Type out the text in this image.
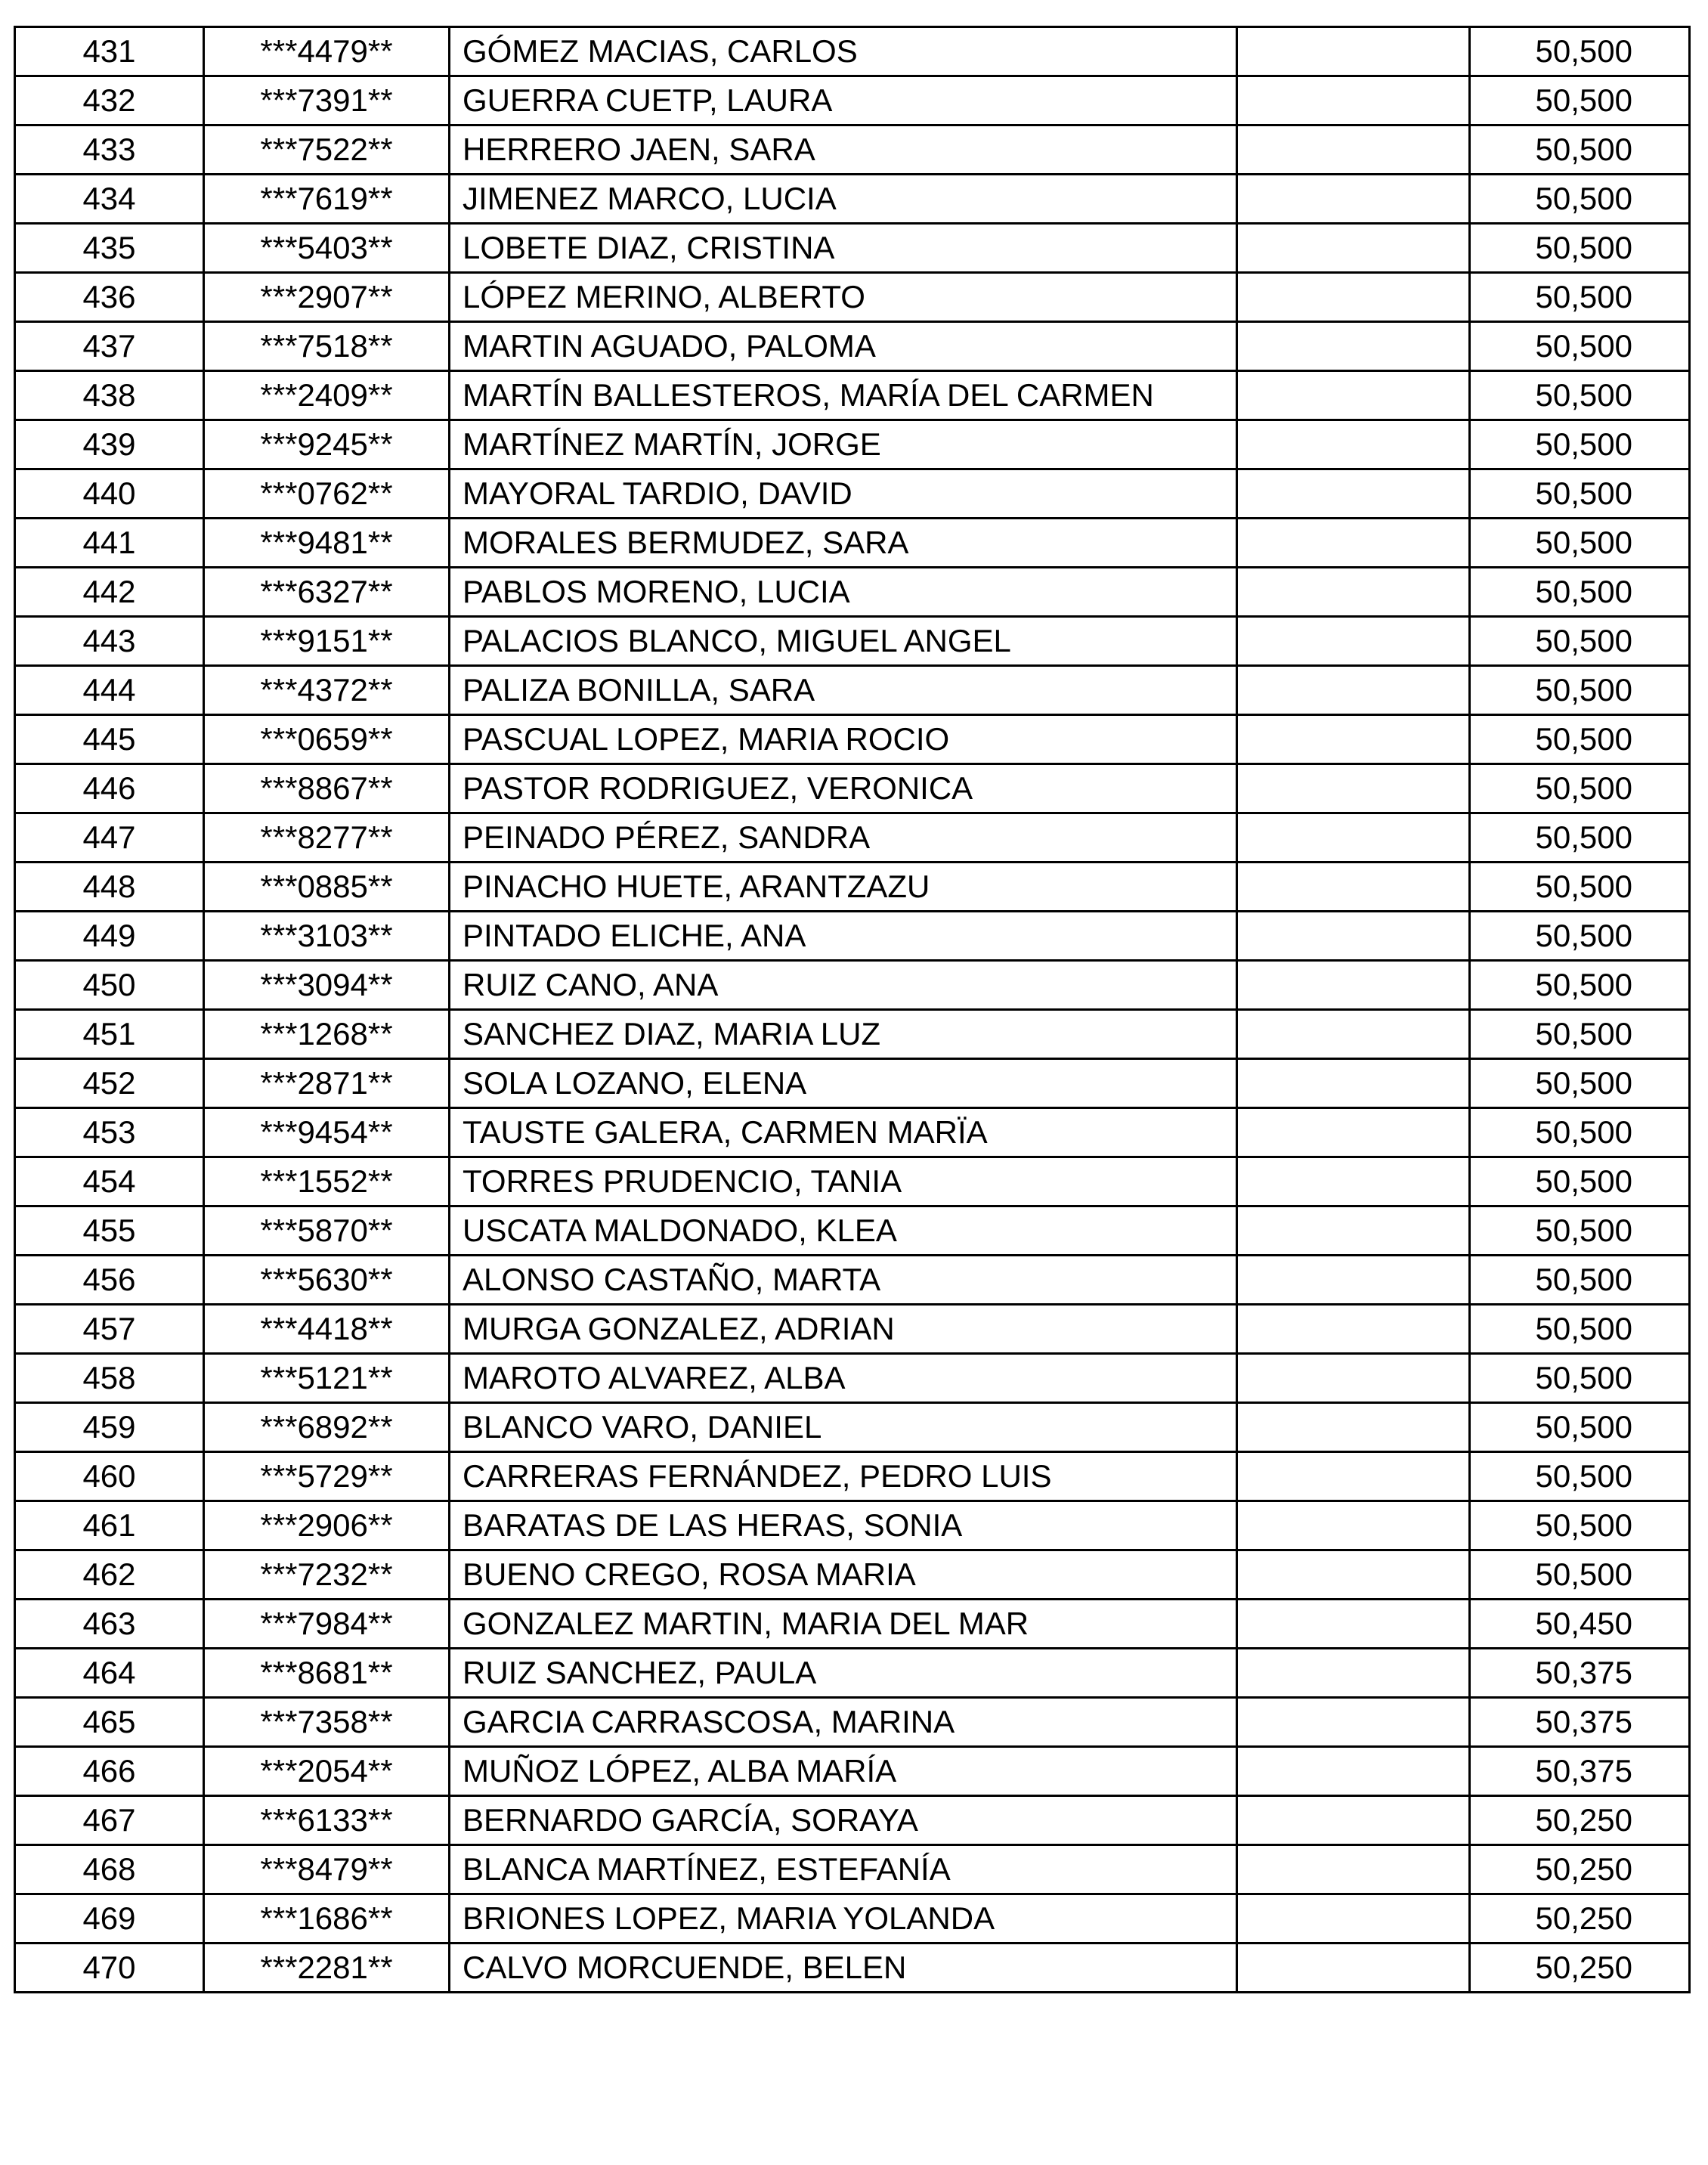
431	***4479**	GÓMEZ MACIAS, CARLOS		50,500
432	***7391**	GUERRA CUETP, LAURA		50,500
433	***7522**	HERRERO JAEN, SARA		50,500
434	***7619**	JIMENEZ MARCO, LUCIA		50,500
435	***5403**	LOBETE DIAZ, CRISTINA		50,500
436	***2907**	LÓPEZ MERINO, ALBERTO		50,500
437	***7518**	MARTIN AGUADO, PALOMA		50,500
438	***2409**	MARTÍN BALLESTEROS, MARÍA DEL CARMEN		50,500
439	***9245**	MARTÍNEZ MARTÍN, JORGE		50,500
440	***0762**	MAYORAL TARDIO, DAVID		50,500
441	***9481**	MORALES BERMUDEZ, SARA		50,500
442	***6327**	PABLOS MORENO, LUCIA		50,500
443	***9151**	PALACIOS BLANCO, MIGUEL ANGEL		50,500
444	***4372**	PALIZA BONILLA, SARA		50,500
445	***0659**	PASCUAL LOPEZ, MARIA ROCIO		50,500
446	***8867**	PASTOR RODRIGUEZ, VERONICA		50,500
447	***8277**	PEINADO PÉREZ, SANDRA		50,500
448	***0885**	PINACHO HUETE, ARANTZAZU		50,500
449	***3103**	PINTADO ELICHE, ANA		50,500
450	***3094**	RUIZ CANO, ANA		50,500
451	***1268**	SANCHEZ DIAZ, MARIA LUZ		50,500
452	***2871**	SOLA LOZANO, ELENA		50,500
453	***9454**	TAUSTE GALERA, CARMEN MARÏA		50,500
454	***1552**	TORRES PRUDENCIO, TANIA		50,500
455	***5870**	USCATA MALDONADO, KLEA		50,500
456	***5630**	ALONSO CASTAÑO, MARTA		50,500
457	***4418**	MURGA GONZALEZ, ADRIAN		50,500
458	***5121**	MAROTO ALVAREZ, ALBA		50,500
459	***6892**	BLANCO VARO, DANIEL		50,500
460	***5729**	CARRERAS FERNÁNDEZ, PEDRO LUIS		50,500
461	***2906**	BARATAS DE LAS HERAS, SONIA		50,500
462	***7232**	BUENO CREGO, ROSA MARIA		50,500
463	***7984**	GONZALEZ MARTIN, MARIA DEL MAR		50,450
464	***8681**	RUIZ SANCHEZ, PAULA		50,375
465	***7358**	GARCIA CARRASCOSA, MARINA		50,375
466	***2054**	MUÑOZ LÓPEZ, ALBA MARÍA		50,375
467	***6133**	BERNARDO GARCÍA, SORAYA		50,250
468	***8479**	BLANCA MARTÍNEZ, ESTEFANÍA		50,250
469	***1686**	BRIONES LOPEZ, MARIA YOLANDA		50,250
470	***2281**	CALVO MORCUENDE, BELEN		50,250
